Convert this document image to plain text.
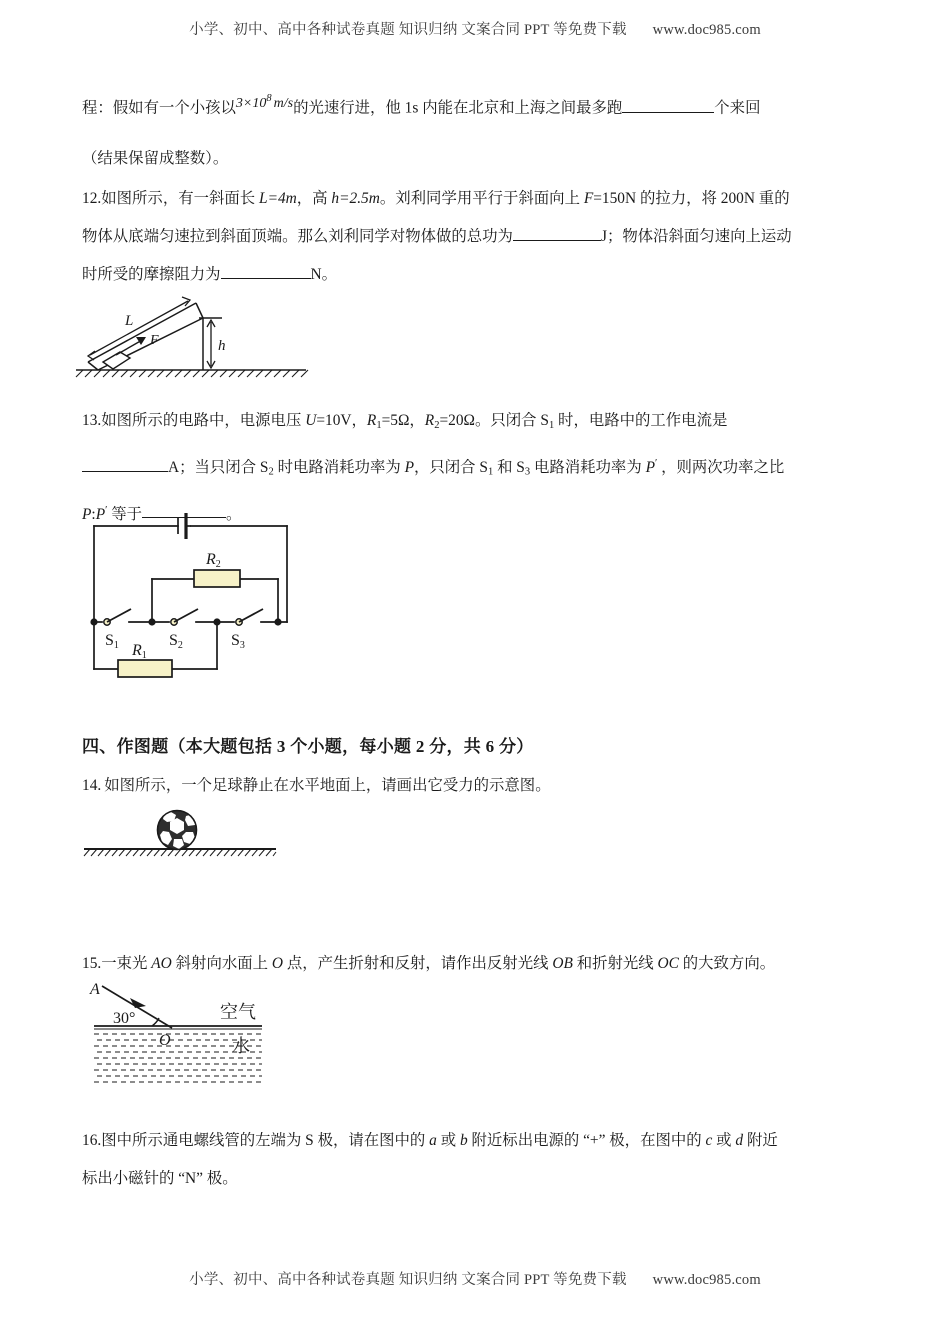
小学、初中、高中各种试卷真题 知识归纳 文案合同 PPT 等免费下载 www.doc985.com
程：假如有一个小孩以$3\times 10^8$ m/s的光速行进，他 1s 内能在北京和上海之间最多跑	个来回
（结果保留成整数）。
12.如图所示，有一斜面长 L=4m，高 h=2.5m。刘利同学用平行于斜面向上 F=150N 的拉力，将 200N 重的
物体从底端匀速拉到斜面顶端。那么刘利同学对物体做的总功为	J；物体沿斜面匀速向上运动
时所受的摩擦阻力为	N。
L
F	h
13.如图所示的电路中，电源电压 U=10V，$R_1=5\Omega$，$R_2=20\Omega$。只闭合 $S_1$ 时，电路中的工作电流是
A；当只闭合 $S_2$ 时电路消耗功率为 P，只闭合 $S_1$ 和 $S_3$ 电路消耗功率为 P′ ，则两次功率之比
P:P′ 等于	。
R2
R1
S1	S2	S3
四、作图题（本大题包括 3 个小题，每小题 2 分，共 6 分）
14. 如图所示，一个足球静止在水平地面上，请画出它受力的示意图。
15.一束光 AO 斜射向水面上 O 点，产生折射和反射，请作出反射光线 OB 和折射光线 OC 的大致方向。
A
30°
O
空气
水
16.图中所示通电螺线管的左端为 S 极，请在图中的 a 或 b 附近标出电源的 “+” 极，在图中的 c 或 d 附近
标出小磁针的 “N” 极。
小学、初中、高中各种试卷真题 知识归纳 文案合同 PPT 等免费下载 www.doc985.com
